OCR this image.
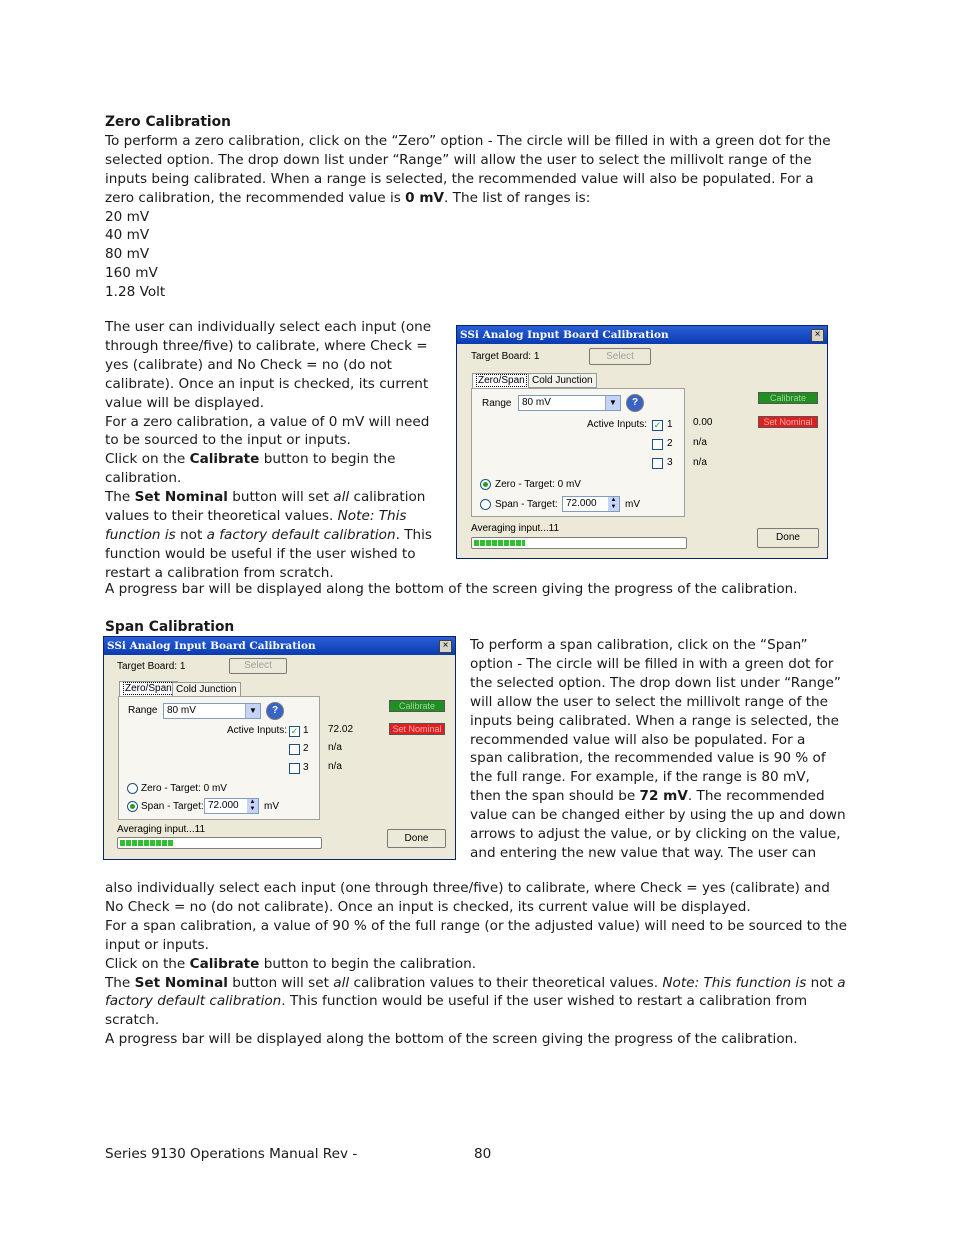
Zero Calibration

To perform a zero calibration, click on the “Zero” option - The circle will be filled in with a green dot for the

selected option. The drop down list under “Range” will allow the user to select the millivolt range of the

inputs being calibrated. When a range is selected, the recommended value will also be populated. For a

zero calibration, the recommended value is 0 mV. The list of ranges is:

20 mV

40 mV

80 mV

160 mV

1.28 Volt

The user can individually select each input (one

through three/five) to calibrate, where Check =

yes (calibrate) and No Check = no (do not

calibrate). Once an input is checked, its current

value will be displayed.

For a zero calibration, a value of 0 mV will need

to be sourced to the input or inputs.

Click on the Calibrate button to begin the

calibration.

The Set Nominal button will set all calibration

values to their theoretical values. Note: This

function is not a factory default calibration. This

function would be useful if the user wished to

restart a calibration from scratch.

A progress bar will be displayed along the bottom of the screen giving the progress of the calibration.
SSi Analog Input Board Calibration	×
Target Board: 1	Select
Zero/Span Cold Junction
Range	80 mV	▼	?
Active Inputs: ✓ 1
2
3
Zero - Target: 0 mV
Span - Target: 72.000	▲
▼ mV
0.00
n/a
n/a
Calibrate
Set Nominal
Averaging input...11
Done
Span Calibration
SSi Analog Input Board Calibration	×
Target Board: 1	Select
Zero/Span Cold Junction
Range 80 mV	▼	?
Active Inputs: ✓ 1
2
3
Zero - Target: 0 mV
Span - Target: 72.000	▲
▼ mV
72.02
n/a
n/a
Calibrate
Set Nominal
Averaging input...11
Done

To perform a span calibration, click on the “Span”

option - The circle will be filled in with a green dot for

the selected option. The drop down list under “Range”

will allow the user to select the millivolt range of the

inputs being calibrated. When a range is selected, the

recommended value will also be populated. For a

span calibration, the recommended value is 90 % of

the full range. For example, if the range is 80 mV,

then the span should be 72 mV. The recommended

value can be changed either by using the up and down

arrows to adjust the value, or by clicking on the value,

and entering the new value that way. The user can

also individually select each input (one through three/five) to calibrate, where Check = yes (calibrate) and

No Check = no (do not calibrate). Once an input is checked, its current value will be displayed.

For a span calibration, a value of 90 % of the full range (or the adjusted value) will need to be sourced to the

input or inputs.

Click on the Calibrate button to begin the calibration.

The Set Nominal button will set all calibration values to their theoretical values. Note: This function is not a

factory default calibration. This function would be useful if the user wished to restart a calibration from

scratch.

A progress bar will be displayed along the bottom of the screen giving the progress of the calibration.

Series 9130 Operations Manual Rev -	80
